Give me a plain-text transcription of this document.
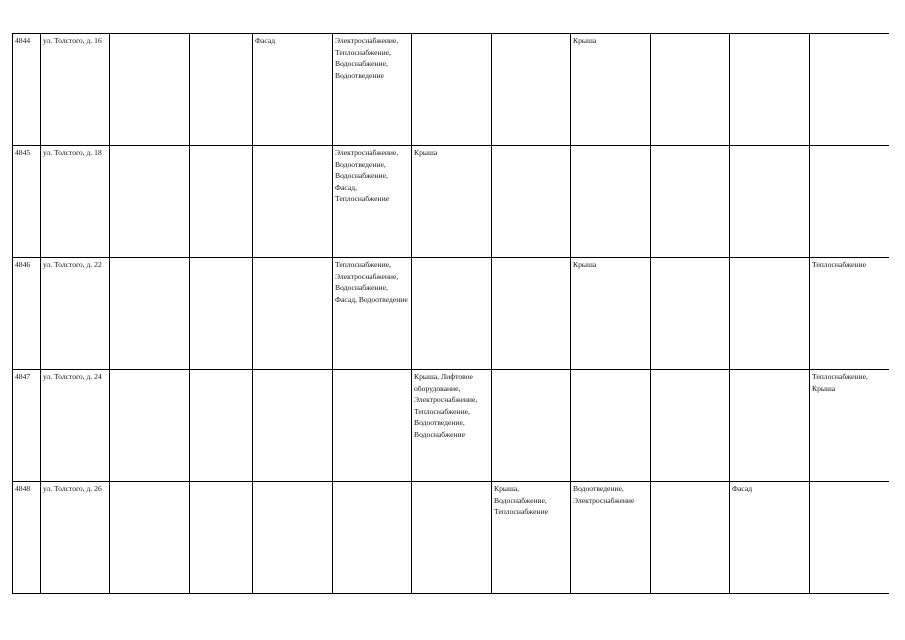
4844	ул. Толстого, д. 16			Фасад	Электроснабжение, Теплоснабжение, Водоснабжение, Водоотведение			Крыша			
4845	ул. Толстого, д. 18				Электроснабжение, Водоотведение, Водоснабжение, Фасад, Теплоснабжение	Крыша					
4846	ул. Толстого, д. 22				Теплоснабжение, Электроснабжение, Водоснабжение, Фасад, Водоотведение			Крыша			Теплоснабжение
4847	ул. Толстого, д. 24					Крыша, Лифтовое оборудование, Электроснабжение, Теплоснабжение, Водоотведение, Водоснабжение					Теплоснабжение, Крыша
4848	ул. Толстого, д. 26						Крыша, Водоснабжение, Теплоснабжение	Водоотведение, Электроснабжение		Фасад	
